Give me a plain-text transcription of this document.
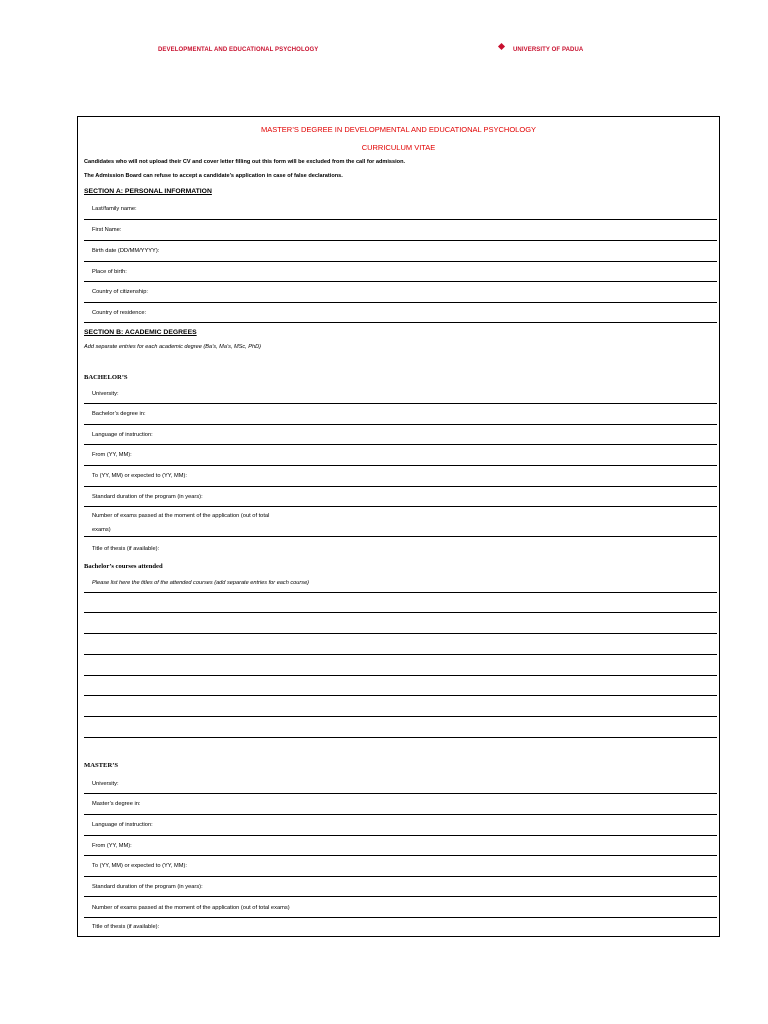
DEVELOPMENTAL AND EDUCATIONAL PSYCHOLOGY	UNIVERSITY OF PADUA
MASTER’S DEGREE IN DEVELOPMENTAL AND EDUCATIONAL PSYCHOLOGY
CURRICULUM VITAE
Candidates who will not upload their CV and cover letter filling out this form will be excluded from the call for admission.
The Admission Board can refuse to accept a candidate’s application in case of false declarations.
SECTION A: PERSONAL INFORMATION
Last/family name:
First Name:
Birth date (DD/MM/YYYY):
Place of birth:
Country of citizenship:
Country of residence:
SECTION B: ACADEMIC DEGREES
Add separate entries for each academic degree (Ba’s, Ma’s, MSc, PhD)
BACHELOR’S
University:
Bachelor’s degree in:
Language of instruction:
From (YY, MM):
To (YY, MM) or expected to (YY, MM):
Standard duration of the program (in years):
Number of exams passed at the moment of the application (out of total
exams)
Title of thesis (if available):
Bachelor’s courses attended
Please list here the titles of the attended courses (add separate entries for each course)
MASTER’S
University:
Master’s degree in:
Language of instruction:
From (YY, MM):
To (YY, MM) or expected to (YY, MM):
Standard duration of the program (in years):
Number of exams passed at the moment of the application (out of total exams)
Title of thesis (if available):
